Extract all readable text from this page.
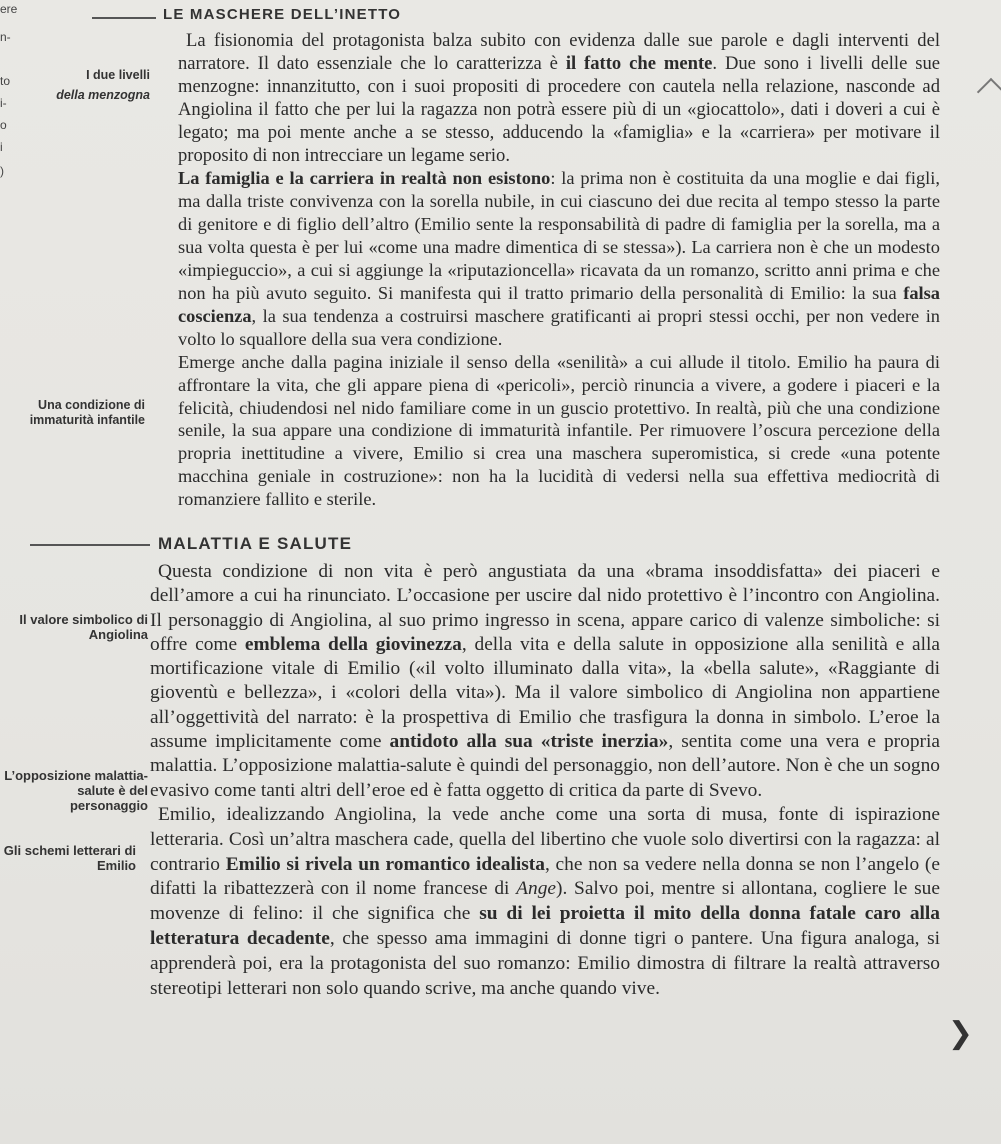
ere
n-
to
i-
o
i
)
LE MASCHERE DELL’INETTO
I due livelli
della menzogna
Una condizione di immaturità infantile

La fisionomia del protagonista balza subito con evidenza dalle sue parole e dagli interventi del narratore. Il dato essenziale che lo caratterizza è il fatto che mente. Due sono i livelli delle sue menzogne: innanzitutto, con i suoi propositi di procedere con cautela nella relazione, nasconde ad Angiolina il fatto che per lui la ragazza non potrà essere più di un «giocattolo», dati i doveri a cui è legato; ma poi mente anche a se stesso, adducendo la «famiglia» e la «carriera» per motivare il proposito di non intrecciare un legame serio.

La famiglia e la carriera in realtà non esistono: la prima non è costituita da una moglie e dai figli, ma dalla triste convivenza con la sorella nubile, in cui ciascuno dei due recita al tempo stesso la parte di genitore e di figlio dell’altro (Emilio sente la responsabilità di padre di famiglia per la sorella, ma a sua volta questa è per lui «come una madre dimentica di se stessa»). La carriera non è che un modesto «impieguccio», a cui si aggiunge la «riputazioncella» ricavata da un romanzo, scritto anni prima e che non ha più avuto seguito. Si manifesta qui il tratto primario della personalità di Emilio: la sua falsa coscienza, la sua tendenza a costruirsi maschere gratificanti ai propri stessi occhi, per non vedere in volto lo squallore della sua vera condizione.

Emerge anche dalla pagina iniziale il senso della «senilità» a cui allude il titolo. Emilio ha paura di affrontare la vita, che gli appare piena di «pericoli», perciò rinuncia a vivere, a godere i piaceri e la felicità, chiudendosi nel nido familiare come in un guscio protettivo. In realtà, più che una condizione senile, la sua appare una condizione di immaturità infantile. Per rimuovere l’oscura percezione della propria inettitudine a vivere, Emilio si crea una maschera superomistica, si crede «una potente macchina geniale in costruzione»: non ha la lucidità di vedersi nella sua effettiva mediocrità di romanziere fallito e sterile.

MALATTIA E SALUTE
Il valore simbolico di Angiolina
L’opposizione malattia-salute è del personaggio
Gli schemi letterari di Emilio

Questa condizione di non vita è però angustiata da una «brama insoddisfatta» dei piaceri e dell’amore a cui ha rinunciato. L’occasione per uscire dal nido protettivo è l’incontro con Angiolina. Il personaggio di Angiolina, al suo primo ingresso in scena, appare carico di valenze simboliche: si offre come emblema della giovinezza, della vita e della salute in opposizione alla senilità e alla mortificazione vitale di Emilio («il volto illuminato dalla vita», la «bella salute», «Raggiante di gioventù e bellezza», i «colori della vita»). Ma il valore simbolico di Angiolina non appartiene all’oggettività del narrato: è la prospettiva di Emilio che trasfigura la donna in simbolo. L’eroe la assume implicitamente come antidoto alla sua «triste inerzia», sentita come una vera e propria malattia. L’opposizione malattia-salute è quindi del personaggio, non dell’autore. Non è che un sogno evasivo come tanti altri dell’eroe ed è fatta oggetto di critica da parte di Svevo.

Emilio, idealizzando Angiolina, la vede anche come una sorta di musa, fonte di ispirazione letteraria. Così un’altra maschera cade, quella del libertino che vuole solo divertirsi con la ragazza: al contrario Emilio si rivela un romantico idealista, che non sa vedere nella donna se non l’angelo (e difatti la ribattezzerà con il nome francese di Ange). Salvo poi, mentre si allontana, cogliere le sue movenze di felino: il che significa che su di lei proietta il mito della donna fatale caro alla letteratura decadente, che spesso ama immagini di donne tigri o pantere. Una figura analoga, si apprenderà poi, era la protagonista del suo romanzo: Emilio dimostra di filtrare la realtà attraverso stereotipi letterari non solo quando scrive, ma anche quando vive.

❯
